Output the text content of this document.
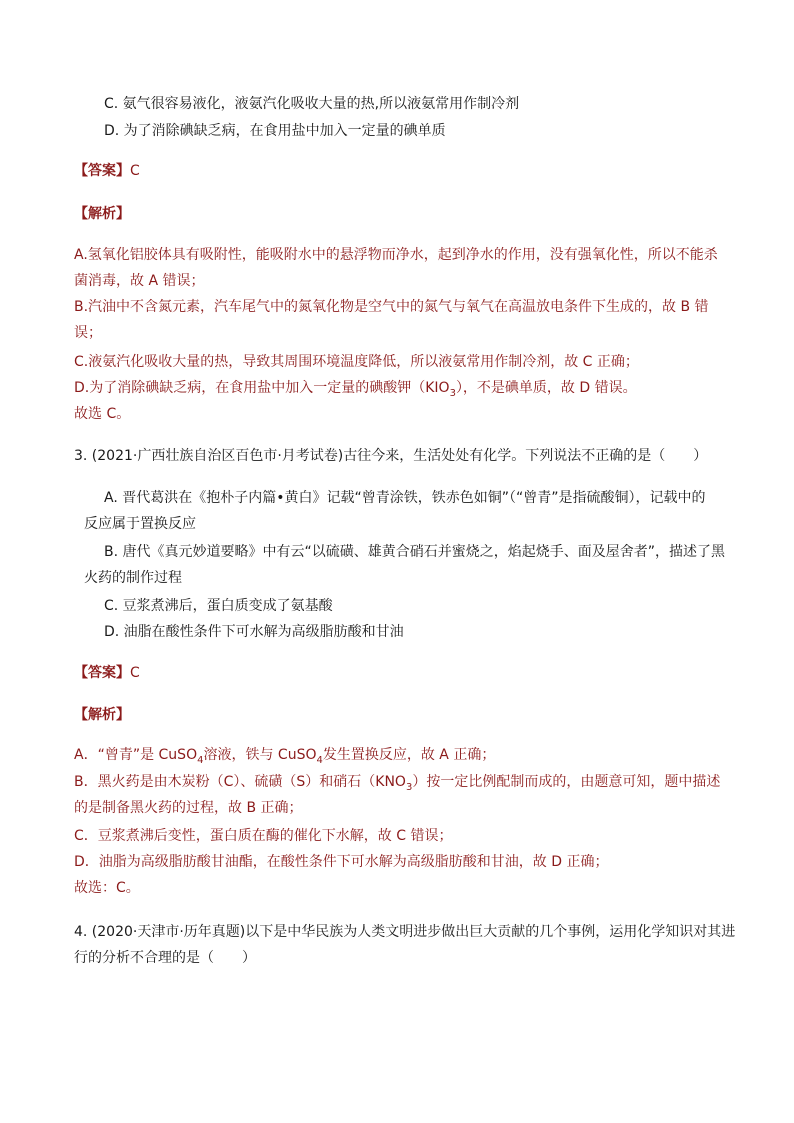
C. 氨气很容易液化，液氨汽化吸收大量的热,所以液氨常用作制冷剂
D. 为了消除碘缺乏病，在食用盐中加入一定量的碘单质
【答案】C
【解析】
A.氢氧化铝胶体具有吸附性，能吸附水中的悬浮物而净水，起到净水的作用，没有强氧化性，所以不能杀
菌消毒，故 A 错误；
B.汽油中不含氮元素，汽车尾气中的氮氧化物是空气中的氮气与氧气在高温放电条件下生成的，故 B 错
误；
C.液氨汽化吸收大量的热，导致其周围环境温度降低，所以液氨常用作制冷剂，故 C 正确；
D.为了消除碘缺乏病，在食用盐中加入一定量的碘酸钾$(KIO_3)$，不是碘单质，故 D 错误。
故选 C。
3. (2021·广西壮族自治区百色市·月考试卷)古往今来，生活处处有化学。下列说法不正确的是（　　）
A. 晋代葛洪在《抱朴子内篇•黄白》记载“曾青涂铁，铁赤色如铜”（“曾青”是指硫酸铜），记载中的
反应属于置换反应
B. 唐代《真元妙道要略》中有云“以硫磺、雄黄合硝石并蜜烧之，焰起烧手、面及屋舍者”，描述了黑
火药的制作过程
C. 豆浆煮沸后，蛋白质变成了氨基酸
D. 油脂在酸性条件下可水解为高级脂肪酸和甘油
【答案】C
【解析】
A．“曾青”是 CuSO$_4$溶液，铁与 CuSO$_4$发生置换反应，故 A 正确；
B．黑火药是由木炭粉（C）、硫磺（S）和硝石$(KNO_3)$按一定比例配制而成的，由题意可知，题中描述
的是制备黑火药的过程，故 B 正确；
C．豆浆煮沸后变性，蛋白质在酶的催化下水解，故 C 错误；
D．油脂为高级脂肪酸甘油酯，在酸性条件下可水解为高级脂肪酸和甘油，故 D 正确；
故选：C。
4. (2020·天津市·历年真题)以下是中华民族为人类文明进步做出巨大贡献的几个事例，运用化学知识对其进
行的分析不合理的是（　　）
